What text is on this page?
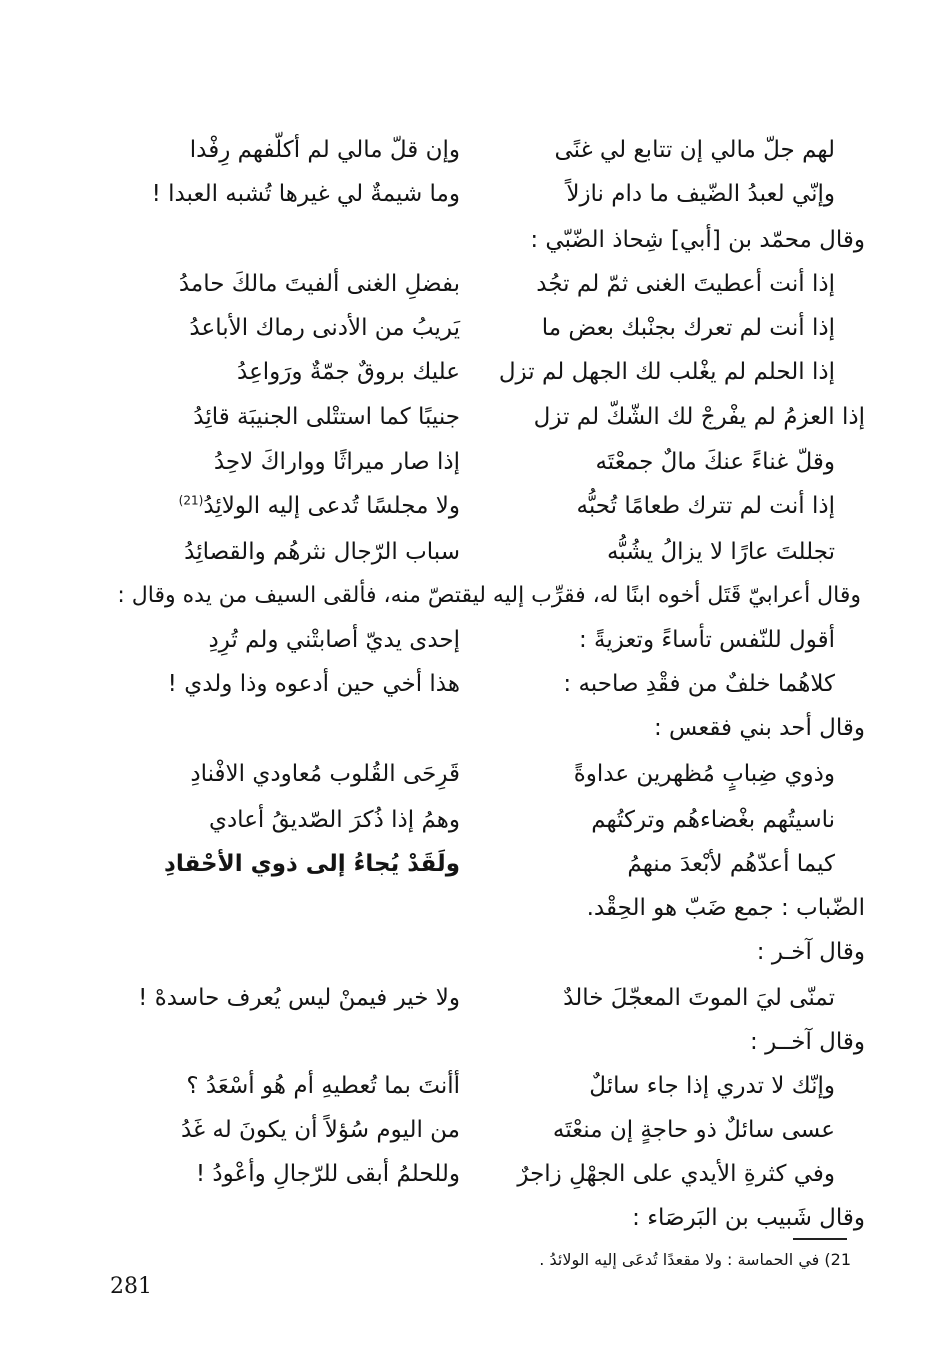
لهم جلّ مالي إن تتابع لي غنًى
وإن قلّ مالي لم أكلّفهم رِفْدا
وإنّي لعبدُ الضّيف ما دام نازلاً
وما شيمةٌ لي غيرها تُشبه العبدا !
وقال محمّد بن [أبي] شِحاذ الضّبّي :
إذا أنت أعطيتَ الغنى ثمّ لم تجُد
بفضلِ الغنى ألفيتَ مالكَ حامدُ
إذا أنت لم تعرك بجنْبك بعض ما
يَريبُ من الأدنى رماك الأباعدُ
إذا الحلم لم يغْلب لك الجهل لم تزل
عليك بروقٌ جمّةٌ ورَواعِدُ
إذا العزمُ لم يفْرجْ لك الشّكّ لم تزل
جنيبًا كما استتْلى الجنيبَة قائِدُ
وقلّ غناءً عنكَ مالٌ جمعْتَه
إذا صار ميراثًا وواراكَ لاحِدُ
إذا أنت لم تترك طعامًا تُحبُّه
ولا مجلسًا تُدعى إليه الولائِدُ$^{(21)}$
تجللتَ عارًا لا يزالُ يشُبُّه
سباب الرّجال نثرهُم والقصائِدُ
وقال أعرابيّ قَتَل أخوه ابنًا له، فقرِّب إليه ليقتصّ منه، فألقى السيف من يده وقال :
أقول للنّفس تأساءً وتعزيةً :
إحدى يديّ أصابتْني ولم تُرِدِ
كلاهُما خلفٌ من فقْدِ صاحبه :
هذا أخي حين أدعوه وذا ولدي !
وقال أحد بني فقعس :
وذوي ضِبابٍ مُظهرين عداوةً
قَرِحَى القُلوب مُعاودي الافْنادِ
ناسيتُهم بغْضاءهُم وتركتُهم
وهمُ إذا ذُكرَ الصّديقُ أعادي
كيما أعدّهُم لأبْعدَ منهمُ
ولَقَدْ يُجاءُ إلى ذوي الأحْقادِ
الضّباب : جمع ضَبّ هو الحِقْد.
وقال آخـر :
تمنّى ليَ الموتَ المعجّلَ خالدٌ
ولا خير فيمنْ ليس يُعرف حاسدهْ !
وقال آخــر :
وإنّك لا تدري إذا جاء سائلٌ
أأنتَ بما تُعطيهِ أم هُو أسْعَدُ ؟
عسى سائلٌ ذو حاجةٍ إن منعْتَه
من اليوم سُؤلاً أن يكونَ له غَدُ
وفي كثرةِ الأيدي على الجهْلِ زاجرٌ
وللحلمُ أبقى للرّجالِ وأعْودُ !
وقال شَبيب بن البَرصَاء :
21) في الحماسة : ولا مقعدًا تُدعَى إليه الولائدُ .
281
